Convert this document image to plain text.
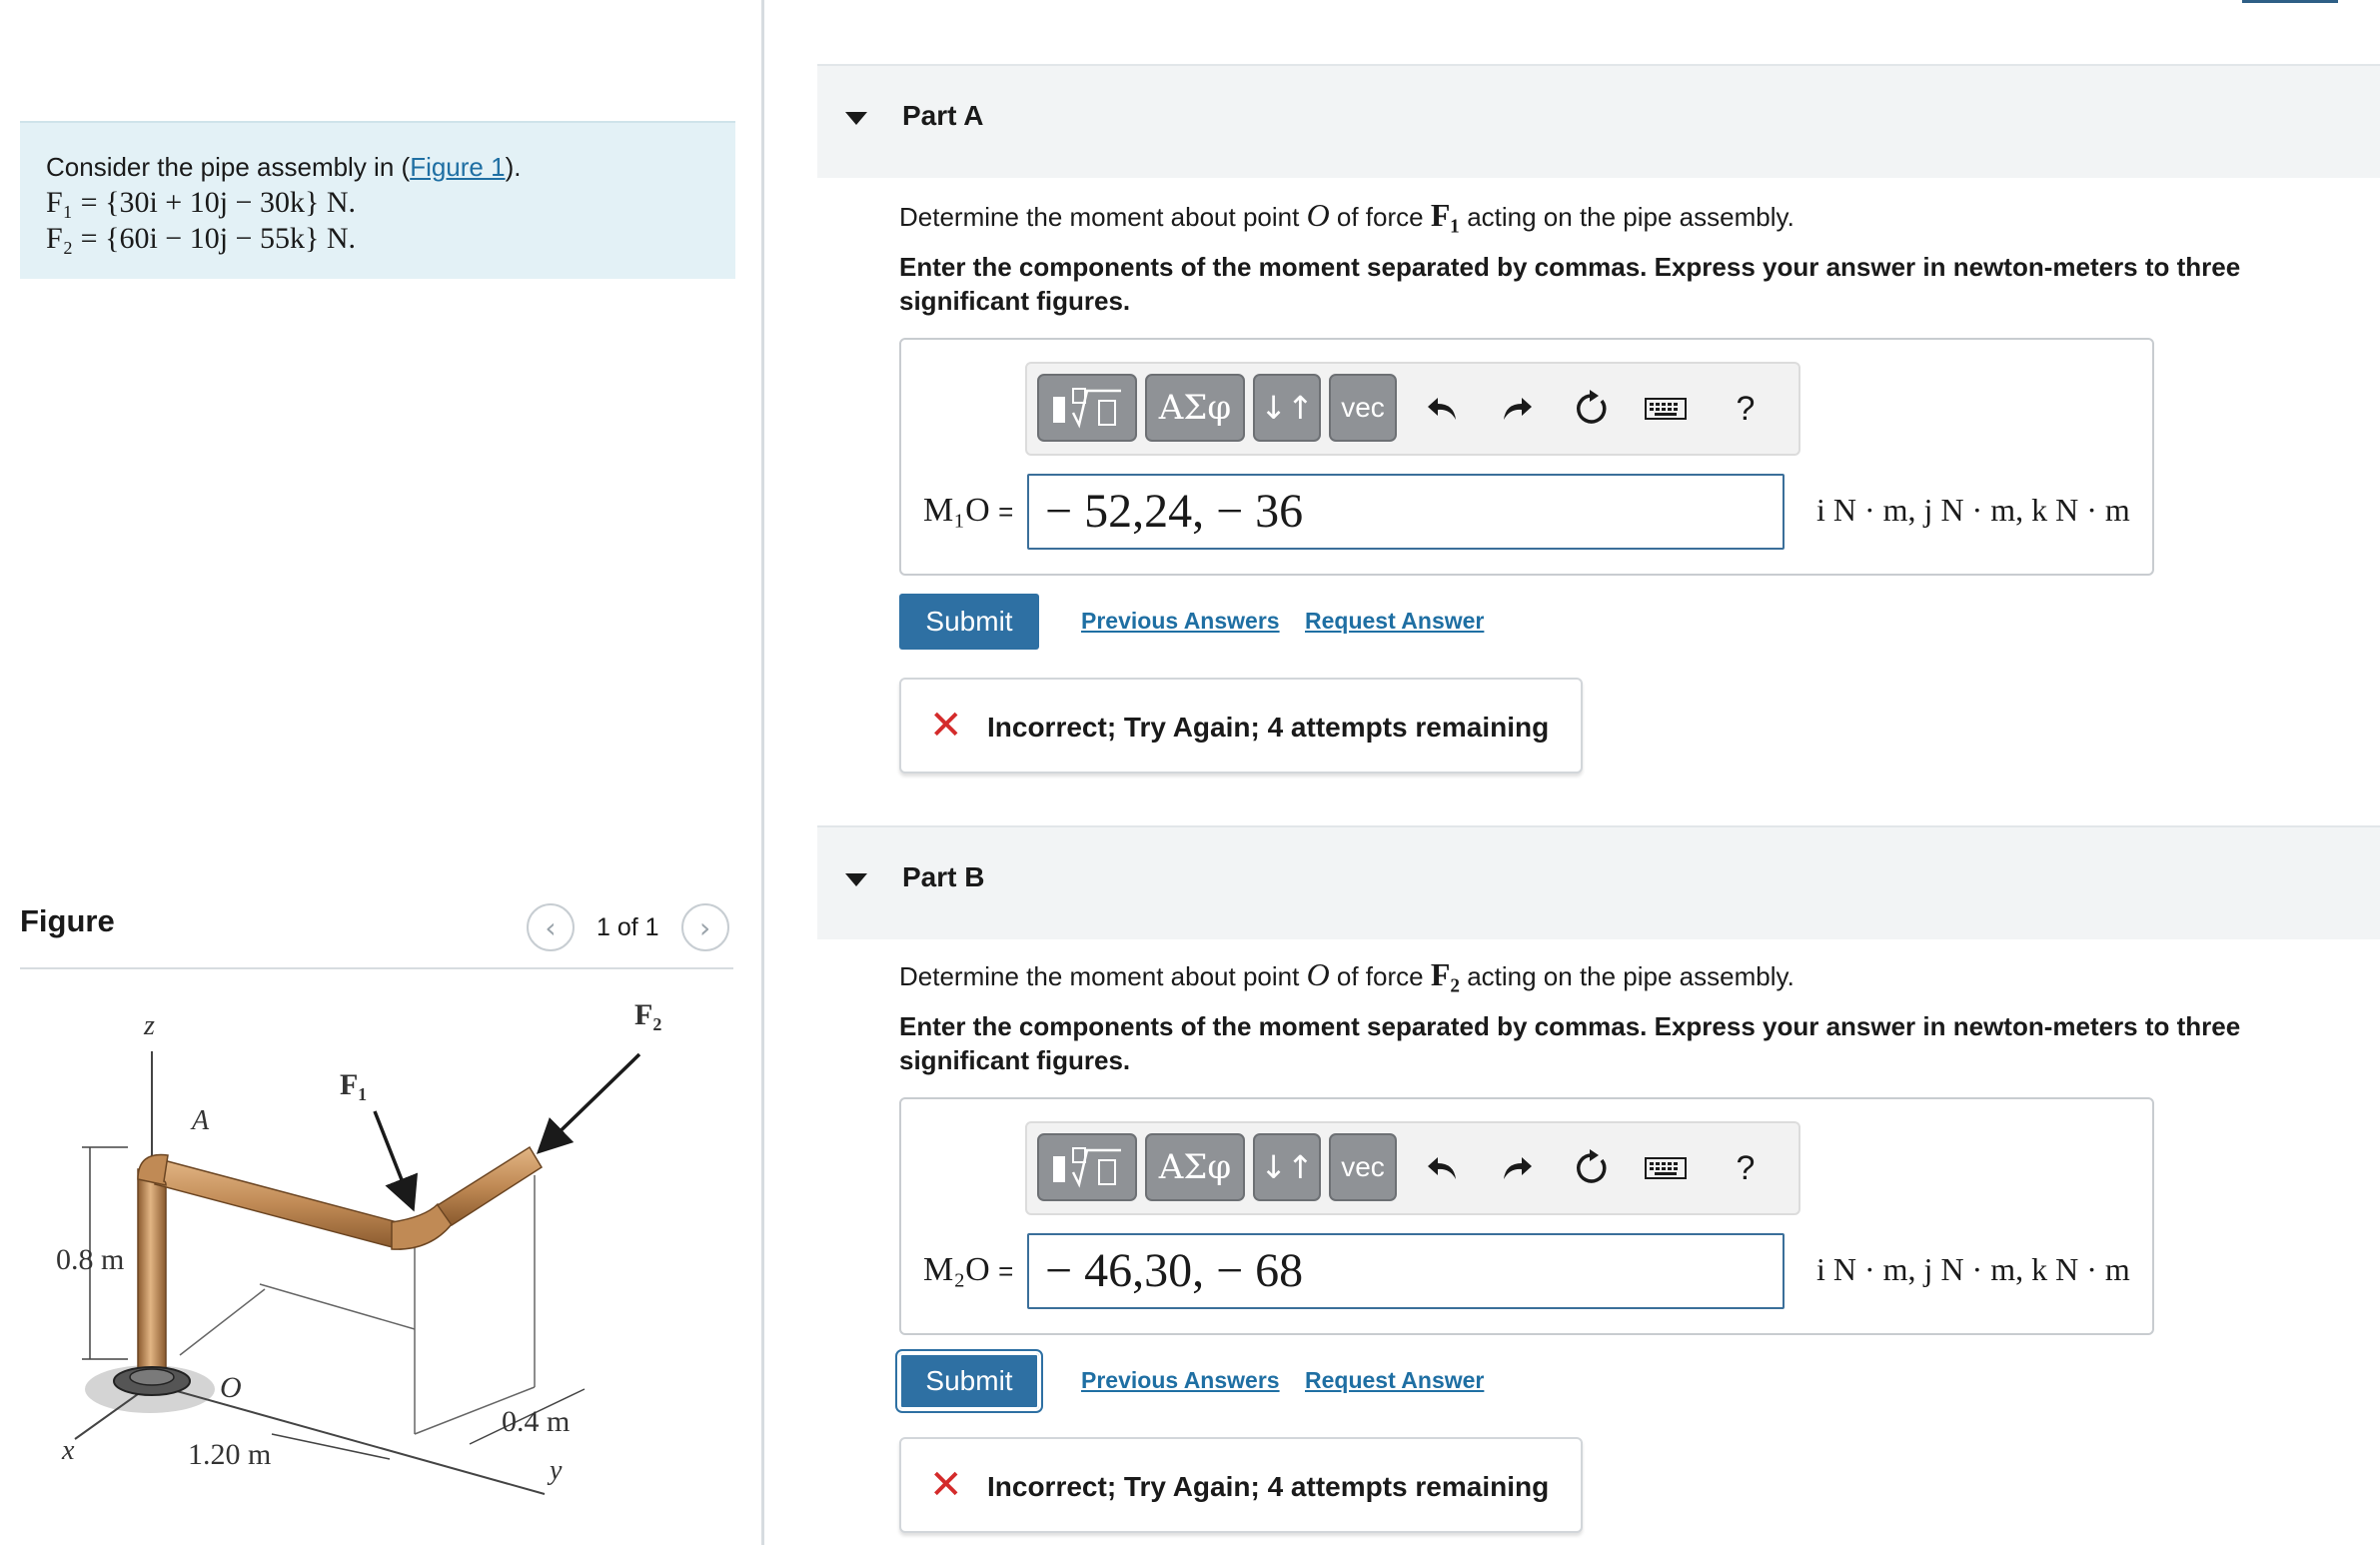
Consider the pipe assembly in (Figure 1).
F₁ = {30i + 10j − 30k} N.
F₂ = {60i − 10j − 55k} N.
Figure	‹ 1 of 1 ›
z
A
F₁
F₂
0.8 m
O
x	1.20 m
0.4 m
y
Part A
Determine the moment about point O of force F₁ acting on the pipe assembly.
Enter the components of the moment separated by commas. Express your answer in newton-meters to three significant figures.
ΑΣφ ↓↑ vec	?
M₁O = − 52,24, − 36	i N · m, j N · m, k N · m
Submit	Previous Answers Request Answer
✕ Incorrect; Try Again; 4 attempts remaining
Part B
Determine the moment about point O of force F₂ acting on the pipe assembly.
Enter the components of the moment separated by commas. Express your answer in newton-meters to three significant figures.
ΑΣφ ↓↑ vec	?
M₂O = − 46,30, − 68	i N · m, j N · m, k N · m
Submit	Previous Answers Request Answer
✕ Incorrect; Try Again; 4 attempts remaining
